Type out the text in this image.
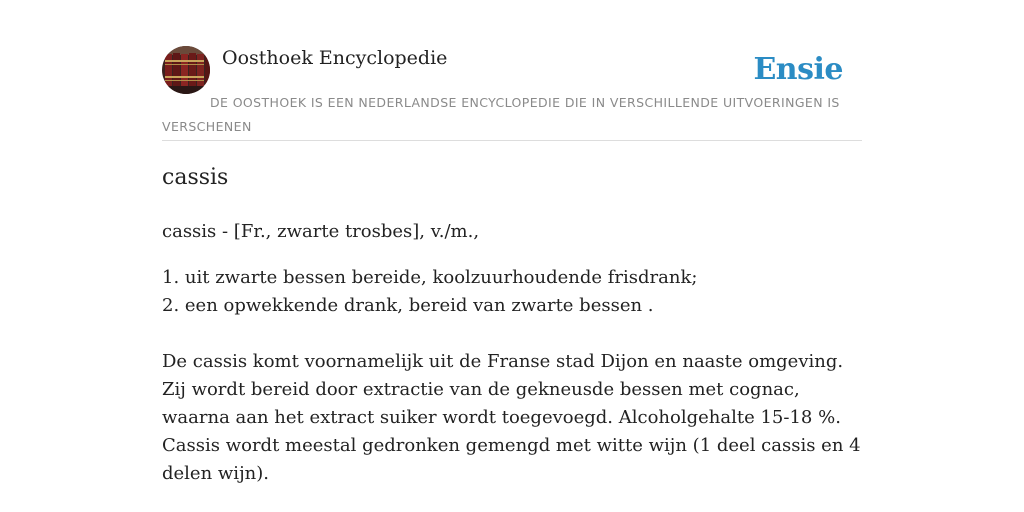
Oosthoek Encyclopedie	Ensie
DE OOSTHOEK IS EEN NEDERLANDSE ENCYCLOPEDIE DIE IN VERSCHILLENDE UITVOERINGEN IS VERSCHENEN
cassis

cassis - [Fr., zwarte trosbes], v./m.,

1. uit zwarte bessen bereide, koolzuurhoudende frisdrank;
2. een opwekkende drank, bereid van zwarte bessen .

De cassis komt voornamelijk uit de Franse stad Dijon en naaste omgeving. Zij wordt bereid door extractie van de gekneusde bessen met cognac, waarna aan het extract suiker wordt toegevoegd. Alcoholgehalte 15-18 %. Cassis wordt meestal gedronken gemengd met witte wijn (1 deel cassis en 4 delen wijn).
